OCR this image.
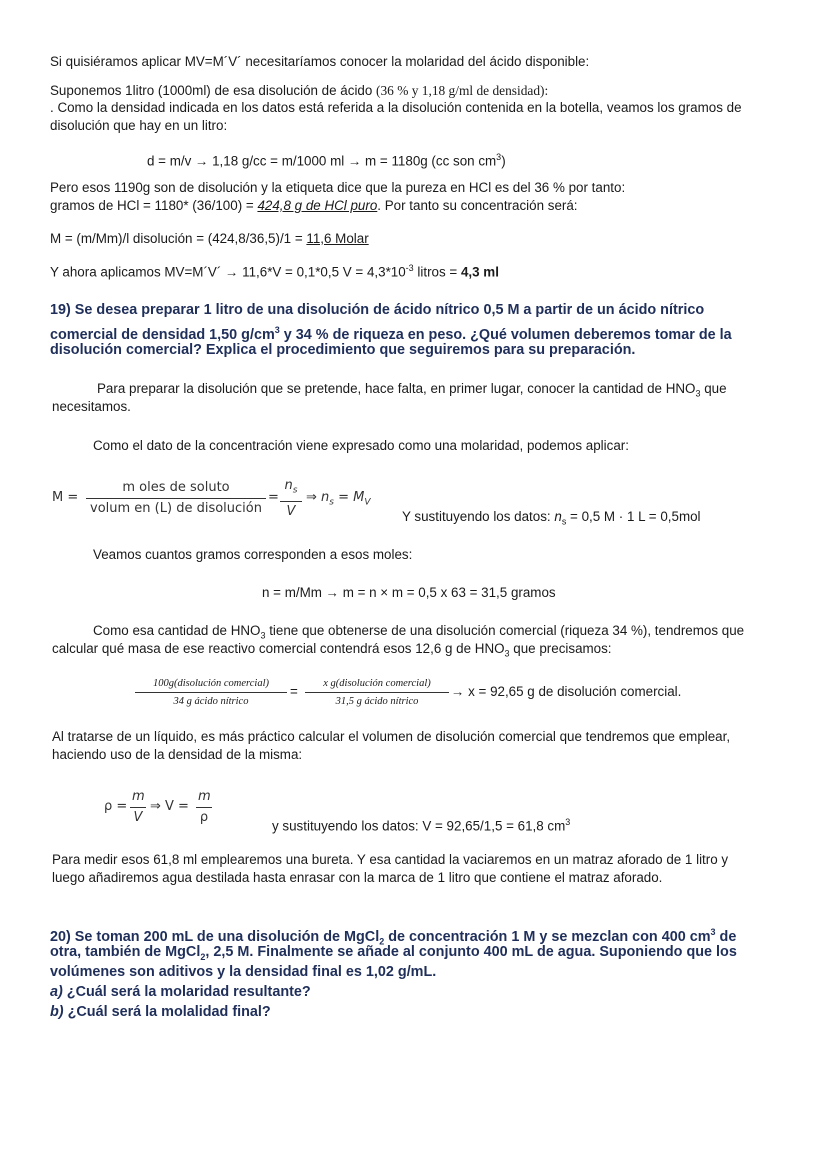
Si quisiéramos aplicar MV=M´V´ necesitaríamos conocer la molaridad del ácido disponible:
Suponemos 1litro (1000ml) de esa disolución de ácido (36 % y 1,18 g/ml de densidad):
. Como la densidad indicada en los datos está referida a la disolución contenida en la botella, veamos los gramos de
disolución que hay en un litro:
d = m/v → 1,18 g/cc = m/1000 ml → m = 1180g (cc son $cm^3$)
Pero esos 1190g son de disolución y la etiqueta dice que la pureza en HCl es del 36 % por tanto:
gramos de HCl = 1180* (36/100) = 424,8 g de HCl puro. Por tanto su concentración será:
M = (m/Mm)/l disolución = (424,8/36,5)/1 = 11,6 Molar
Y ahora aplicamos MV=M´V´ → 11,6*V = 0,1*0,5 $V = 4,3*10^{-3}$ litros = 4,3 ml
19) Se desea preparar 1 litro de una disolución de ácido nítrico 0,5 M a partir de un ácido nítrico
comercial de densidad 1,50 $g/cm^3$ y 34 % de riqueza en peso. ¿Qué volumen deberemos tomar de la
disolución comercial? Explica el procedimiento que seguiremos para su preparación.
Para preparar la disolución que se pretende, hace falta, en primer lugar, conocer la cantidad de $HNO_3$ que
necesitamos.
Como el dato de la concentración viene expresado como una molaridad, podemos aplicar:
M =
m oles de soluto
volum en (L) de disolución
= $\frac{n_s}{V}$ ⇒ $n_s = M_V$
Y sustituyendo los datos: $n_s = 0,5$ M · 1 L = 0,5mol
Veamos cuantos gramos corresponden a esos moles:
n = m/Mm → m = n × m = 0,5 x 63 = 31,5 gramos
Como esa cantidad de $HNO_3$ tiene que obtenerse de una disolución comercial (riqueza 34 %), tendremos que
calcular qué masa de ese reactivo comercial contendrá esos 12,6 g de $HNO_3$ que precisamos:
100g(disolución comercial)
34 g ácido nítrico
=
x g(disolución comercial)
31,5 g ácido nítrico
→ x = 92,65 g de disolución comercial.
Al tratarse de un líquido, es más práctico calcular el volumen de disolución comercial que tendremos que emplear,
haciendo uso de la densidad de la misma:
$\rho = \frac{m}{V}$ ⇒ $V = \frac{m}{\rho}$	y sustituyendo los datos: V = 92,65/1,5 = 61,8 $cm^3$
Para medir esos 61,8 ml emplearemos una bureta. Y esa cantidad la vaciaremos en un matraz aforado de 1 litro y
luego añadiremos agua destilada hasta enrasar con la marca de 1 litro que contiene el matraz aforado.
20) Se toman 200 mL de una disolución de MgCl$_2$ de concentración 1 M y se mezclan con 400 $cm^3$ de
otra, también de MgCl$_2$, 2,5 M. Finalmente se añade al conjunto 400 mL de agua. Suponiendo que los
volúmenes son aditivos y la densidad final es 1,02 g/mL.
a) ¿Cuál será la molaridad resultante?
b) ¿Cuál será la molalidad final?
